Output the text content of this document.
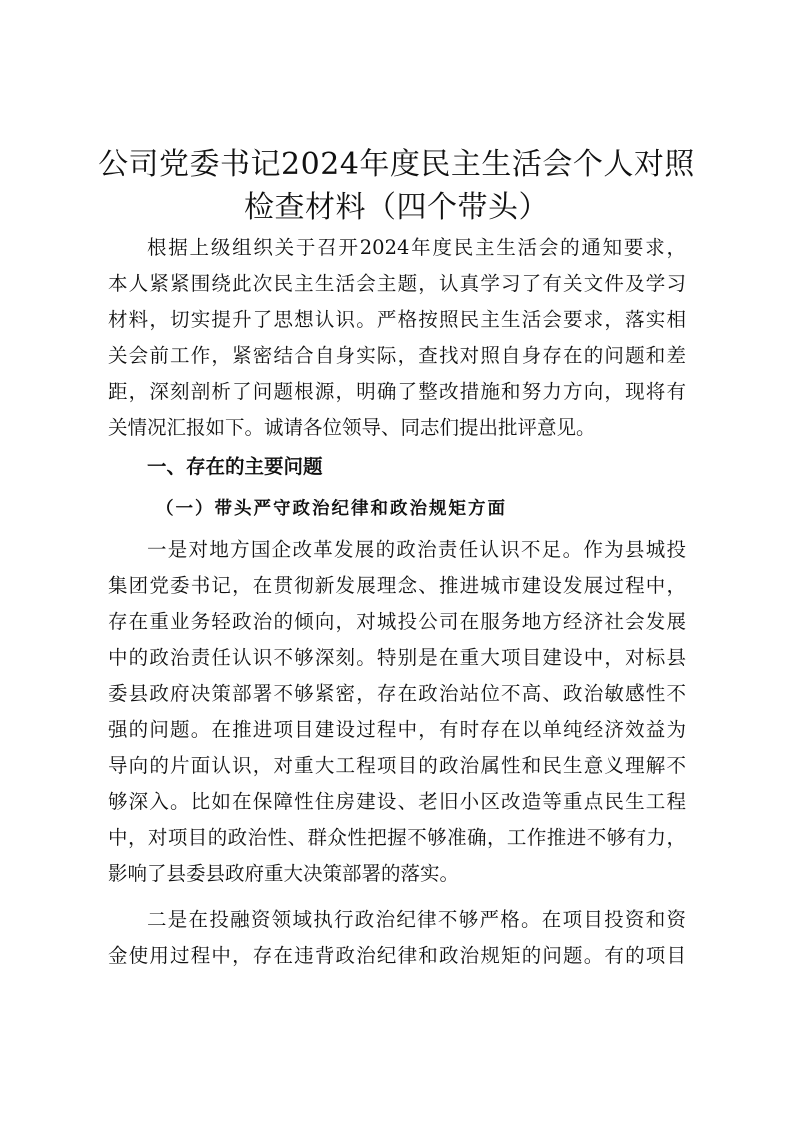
公司党委书记2024年度民主生活会个人对照
检查材料（四个带头）
根据上级组织关于召开2024年度民主生活会的通知要求，
本人紧紧围绕此次民主生活会主题，认真学习了有关文件及学习
材料，切实提升了思想认识。严格按照民主生活会要求，落实相
关会前工作，紧密结合自身实际，查找对照自身存在的问题和差
距，深刻剖析了问题根源，明确了整改措施和努力方向，现将有
关情况汇报如下。诚请各位领导、同志们提出批评意见。
一、存在的主要问题
（一）带头严守政治纪律和政治规矩方面
一是对地方国企改革发展的政治责任认识不足。作为县城投
集团党委书记，在贯彻新发展理念、推进城市建设发展过程中，
存在重业务轻政治的倾向，对城投公司在服务地方经济社会发展
中的政治责任认识不够深刻。特别是在重大项目建设中，对标县
委县政府决策部署不够紧密，存在政治站位不高、政治敏感性不
强的问题。在推进项目建设过程中，有时存在以单纯经济效益为
导向的片面认识，对重大工程项目的政治属性和民生意义理解不
够深入。比如在保障性住房建设、老旧小区改造等重点民生工程
中，对项目的政治性、群众性把握不够准确，工作推进不够有力，
影响了县委县政府重大决策部署的落实。
二是在投融资领域执行政治纪律不够严格。在项目投资和资
金使用过程中，存在违背政治纪律和政治规矩的问题。有的项目
